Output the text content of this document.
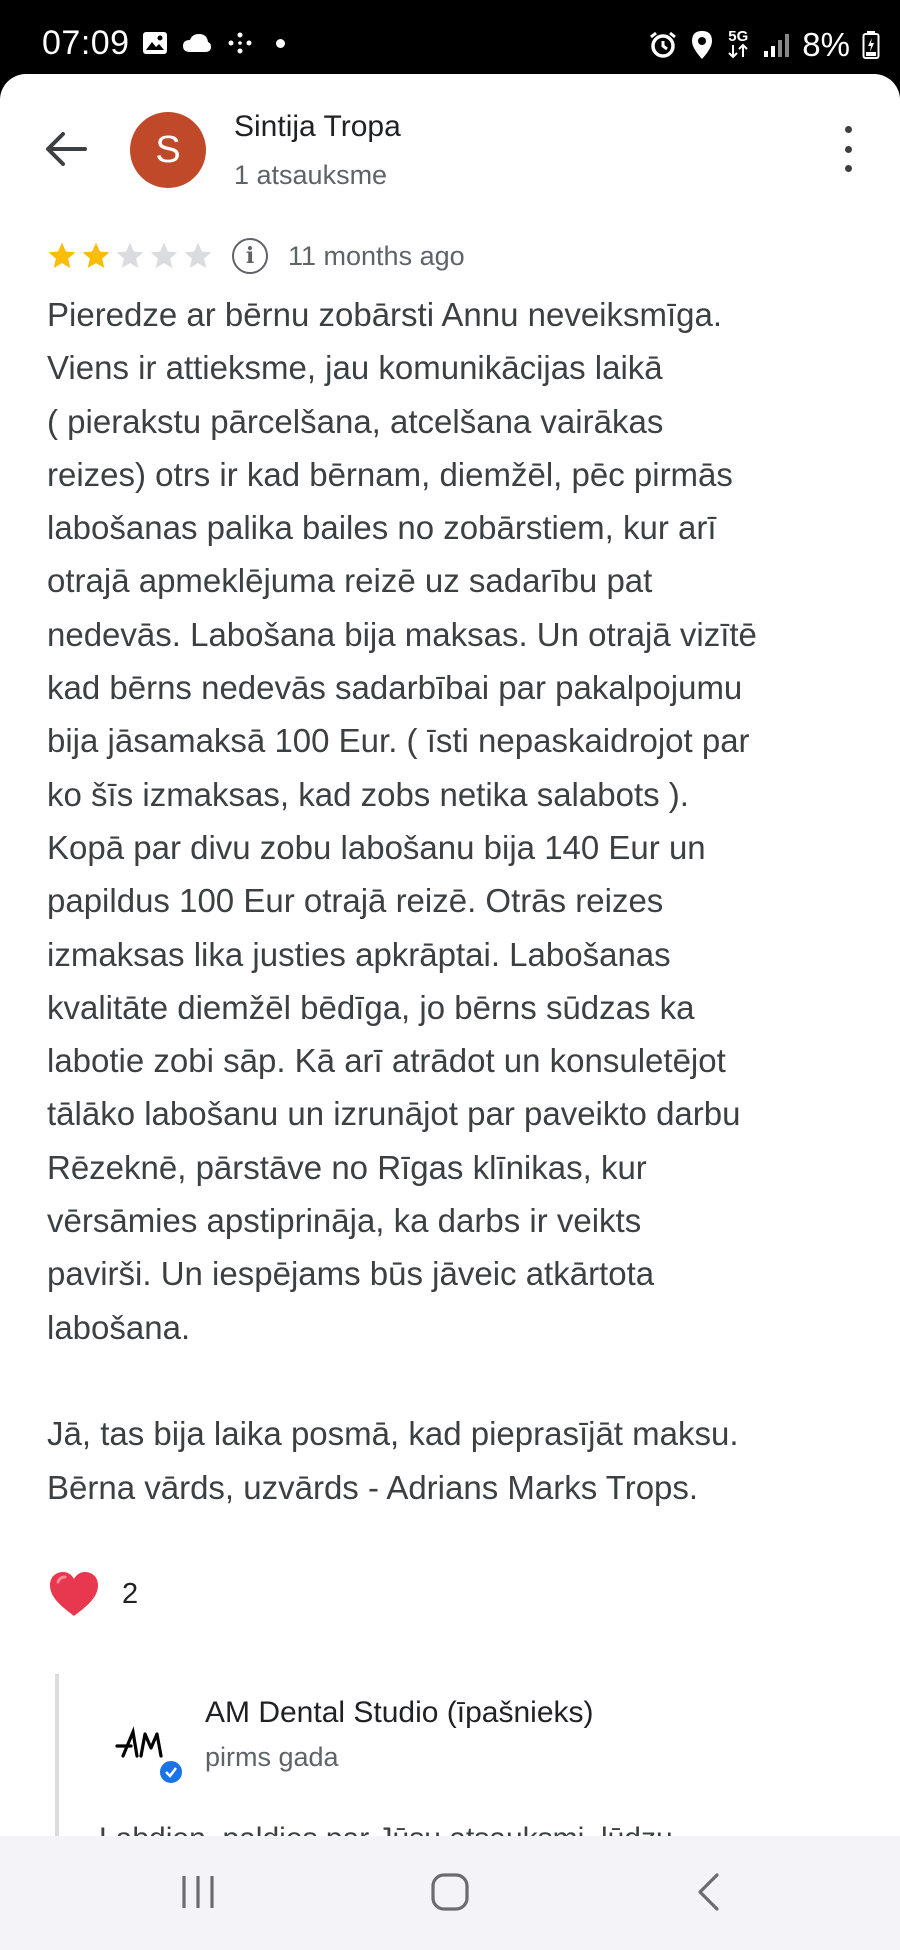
07:09	5G 8%
S
Sintija Tropa
1 atsauksme
i	11 months ago

Pieredze ar bērnu zobārsti Annu neveiksmīga.

Viens ir attieksme, jau komunikācijas laikā

( pierakstu pārcelšana, atcelšana vairākas

reizes) otrs ir kad bērnam, diemžēl, pēc pirmās

labošanas palika bailes no zobārstiem, kur arī

otrajā apmeklējuma reizē uz sadarību pat

nedevās. Labošana bija maksas. Un otrajā vizītē

kad bērns nedevās sadarbībai par pakalpojumu

bija jāsamaksā 100 Eur. ( īsti nepaskaidrojot par

ko šīs izmaksas, kad zobs netika salabots ).

Kopā par divu zobu labošanu bija 140 Eur un

papildus 100 Eur otrajā reizē. Otrās reizes

izmaksas lika justies apkrāptai. Labošanas

kvalitāte diemžēl bēdīga, jo bērns sūdzas ka

labotie zobi sāp. Kā arī atrādot un konsuletējot

tālāko labošanu un izrunājot par paveikto darbu

Rēzeknē, pārstāve no Rīgas klīnikas, kur

vērsāmies apstiprināja, ka darbs ir veikts

pavirši. Un iespējams būs jāveic atkārtota

labošana.

Jā, tas bija laika posmā, kad pieprasījāt maksu.

Bērna vārds, uzvārds - Adrians Marks Trops.

2
AM Dental Studio (īpašnieks)
pirms gada
